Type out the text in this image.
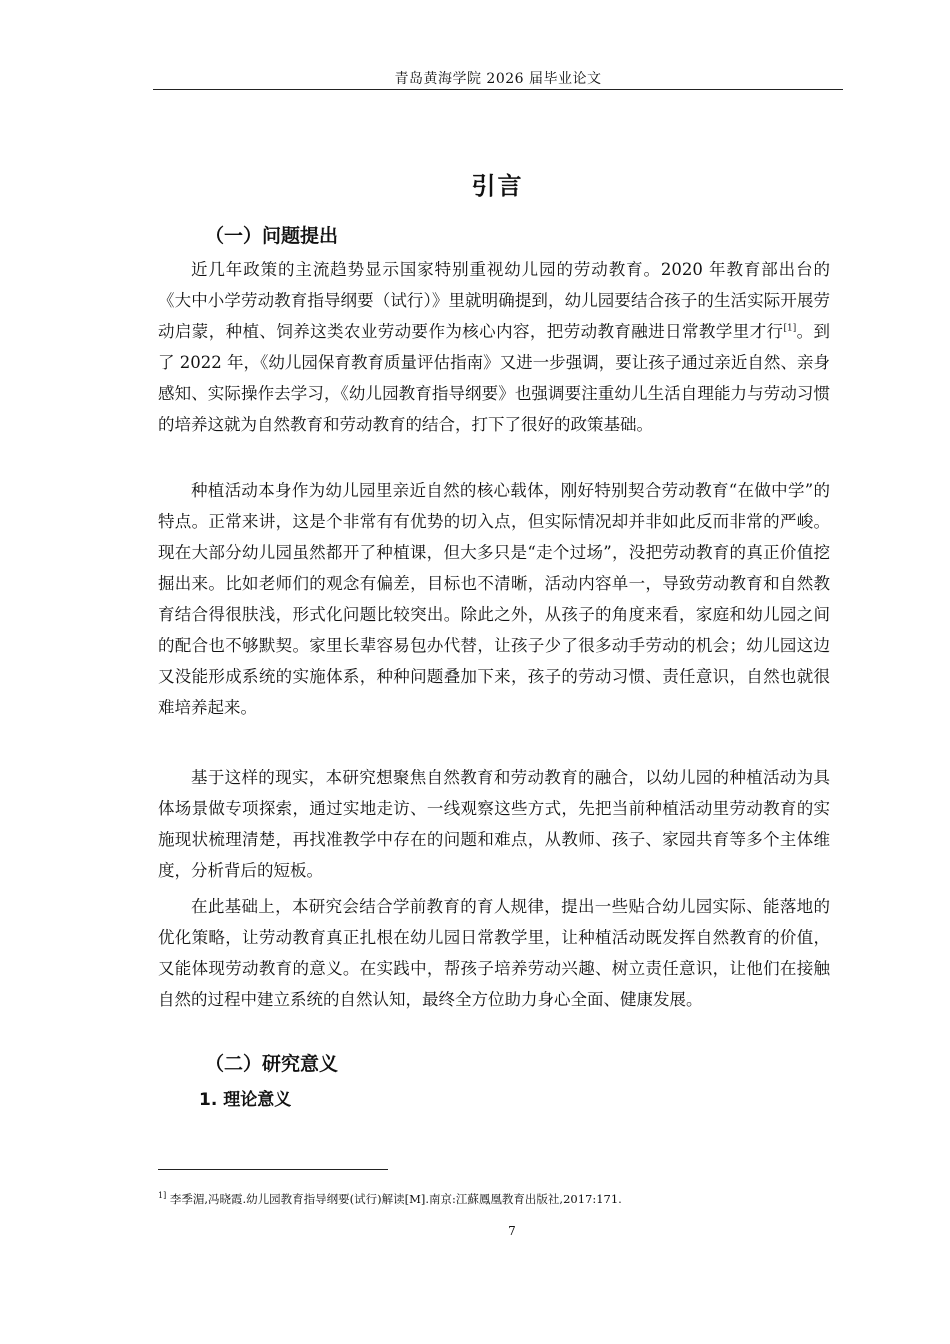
青岛黄海学院 2026 届毕业论文
引言
（一）问题提出

近几年政策的主流趋势显示国家特别重视幼儿园的劳动教育。2020 年教育部出台的《大中小学劳动教育指导纲要（试行）》里就明确提到，幼儿园要结合孩子的生活实际开展劳动启蒙，种植、饲养这类农业劳动要作为核心内容，把劳动教育融进日常教学里才行[1]。到了 2022 年，《幼儿园保育教育质量评估指南》又进一步强调，要让孩子通过亲近自然、亲身感知、实际操作去学习，《幼儿园教育指导纲要》也强调要注重幼儿生活自理能力与劳动习惯的培养这就为自然教育和劳动教育的结合，打下了很好的政策基础。

种植活动本身作为幼儿园里亲近自然的核心载体，刚好特别契合劳动教育“在做中学”的特点。正常来讲，这是个非常有有优势的切入点，但实际情况却并非如此反而非常的严峻。现在大部分幼儿园虽然都开了种植课，但大多只是“走个过场”，没把劳动教育的真正价值挖掘出来。比如老师们的观念有偏差，目标也不清晰，活动内容单一，导致劳动教育和自然教育结合得很肤浅，形式化问题比较突出。除此之外，从孩子的角度来看，家庭和幼儿园之间的配合也不够默契。家里长辈容易包办代替，让孩子少了很多动手劳动的机会；幼儿园这边又没能形成系统的实施体系，种种问题叠加下来，孩子的劳动习惯、责任意识，自然也就很难培养起来。

基于这样的现实，本研究想聚焦自然教育和劳动教育的融合，以幼儿园的种植活动为具体场景做专项探索，通过实地走访、一线观察这些方式，先把当前种植活动里劳动教育的实施现状梳理清楚，再找准教学中存在的问题和难点，从教师、孩子、家园共育等多个主体维度，分析背后的短板。

在此基础上，本研究会结合学前教育的育人规律，提出一些贴合幼儿园实际、能落地的优化策略，让劳动教育真正扎根在幼儿园日常教学里，让种植活动既发挥自然教育的价值，又能体现劳动教育的意义。在实践中，帮孩子培养劳动兴趣、树立责任意识，让他们在接触自然的过程中建立系统的自然认知，最终全方位助力身心全面、健康发展。

（二）研究意义
1. 理论意义
$^{1]}$ 李季湄,冯晓霞.幼儿园教育指导纲要(试行)解读[M].南京:江蘇鳳凰教育出版社,2017:171.
7
